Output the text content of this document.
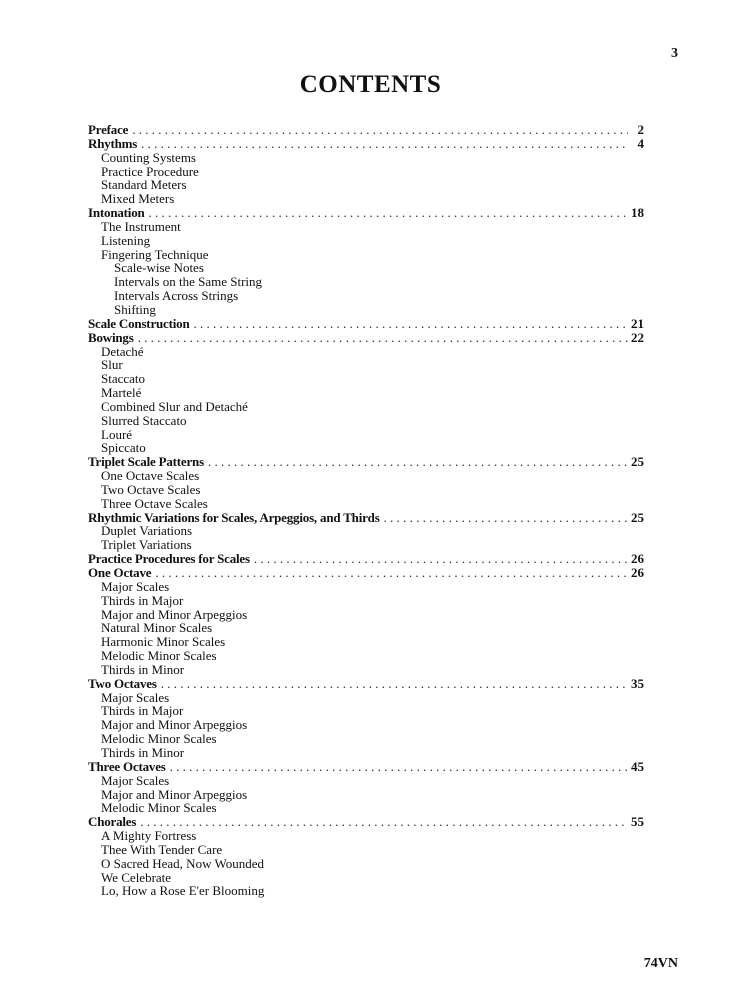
3
CONTENTS
Preface . . .	2
Rhythms . . .	4
Counting Systems
Practice Procedure
Standard Meters
Mixed Meters
Intonation . . .	18
The Instrument
Listening
Fingering Technique
Scale-wise Notes
Intervals on the Same String
Intervals Across Strings
Shifting
Scale Construction . . .	21
Bowings . . .	22
Detaché
Slur
Staccato
Martelé
Combined Slur and Detaché
Slurred Staccato
Louré
Spiccato
Triplet Scale Patterns . . .	25
One Octave Scales
Two Octave Scales
Three Octave Scales
Rhythmic Variations for Scales, Arpeggios, and Thirds . . .	25
Duplet Variations
Triplet Variations
Practice Procedures for Scales . . .	26
One Octave . . .	26
Major Scales
Thirds in Major
Major and Minor Arpeggios
Natural Minor Scales
Harmonic Minor Scales
Melodic Minor Scales
Thirds in Minor
Two Octaves . . .	35
Major Scales
Thirds in Major
Major and Minor Arpeggios
Melodic Minor Scales
Thirds in Minor
Three Octaves . . .	45
Major Scales
Major and Minor Arpeggios
Melodic Minor Scales
Chorales . . .	55
A Mighty Fortress
Thee With Tender Care
O Sacred Head, Now Wounded
We Celebrate
Lo, How a Rose E'er Blooming
74VN
